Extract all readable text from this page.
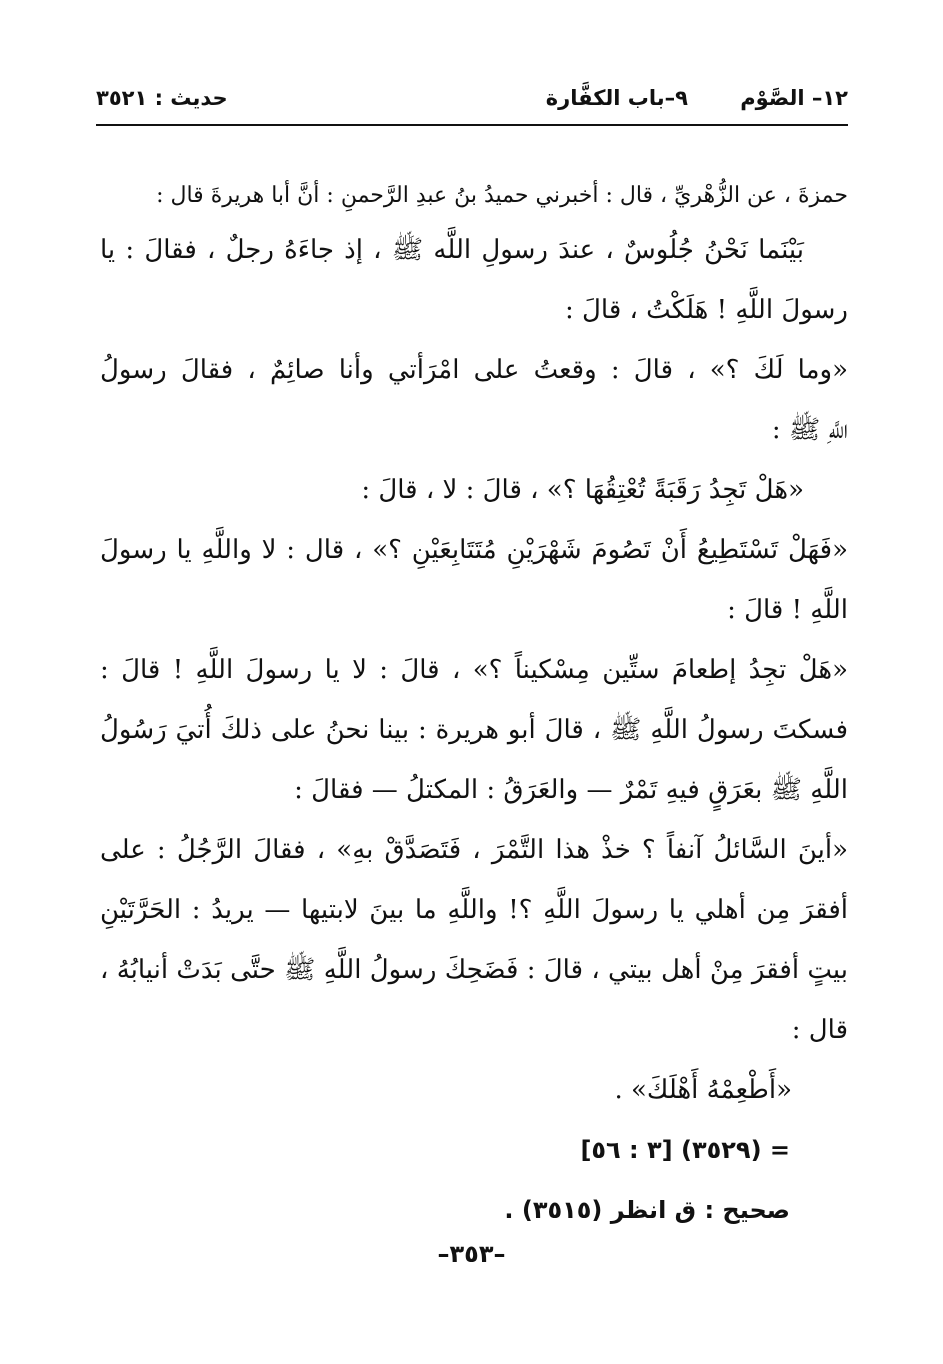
١٢– الصَّوْم
٩–باب الكفَّارة
حديث : ٣٥٢١
حمزةَ ، عن الزُّهْريِّ ، قال : أخبرني حميدُ بنُ عبدِ الرَّحمنِ : أنَّ أبا هريرةَ قال :
بَيْنَما نَحْنُ جُلُوسٌ ، عندَ رسولِ اللَّه ﷺ ، إذ جاءَهُ رجلٌ ، فقالَ : يا
رسولَ اللَّهِ ! هَلَكْتُ ، قالَ :
«وما لَكَ ؟» ، قالَ : وقعتُ على امْرَأتي وأنا صائِمٌ ، فقالَ رسولُ
اللَّهِ ﷺ :
«هَلْ تَجِدُ رَقَبَةً تُعْتِقُهَا ؟» ، قالَ : لا ، قالَ :
«فَهَلْ تَسْتَطِيعُ أَنْ تَصُومَ شَهْرَيْنِ مُتَتَابِعَيْنِ ؟» ، قال : لا واللَّهِ يا رسولَ
اللَّهِ ! قالَ :
«هَلْ تجِدُ إطعامَ ستِّين مِسْكيناً ؟» ، قالَ : لا يا رسولَ اللَّهِ ! قالَ :
فسكتَ رسولُ اللَّهِ ﷺ ، قالَ أبو هريرة : بينا نحنُ على ذلكَ أُتيَ رَسُولُ
اللَّهِ ﷺ بعَرَقٍ فيهِ تَمْرٌ — والعَرَقُ : المكتلُ — فقالَ :
«أينَ السَّائلُ آنفاً ؟ خذْ هذا التَّمْرَ ، فَتَصَدَّقْ بهِ» ، فقالَ الرَّجُلُ : على
أفقرَ مِن أهلي يا رسولَ اللَّهِ ؟! واللَّهِ ما بينَ لابتيها — يريدُ : الحَرَّتَيْنِ
بيتٍ أفقرَ مِنْ أهل بيتي ، قالَ : فَضَحِكَ رسولُ اللَّهِ ﷺ حتَّى بَدَتْ أنيابُهُ ،
قال :
«أَطْعِمْهُ أَهْلَكَ» .
= (٣٥٢٩) [٣ : ٥٦]
صحيح : ق انظر (٣٥١٥) .
–٣٥٣–
